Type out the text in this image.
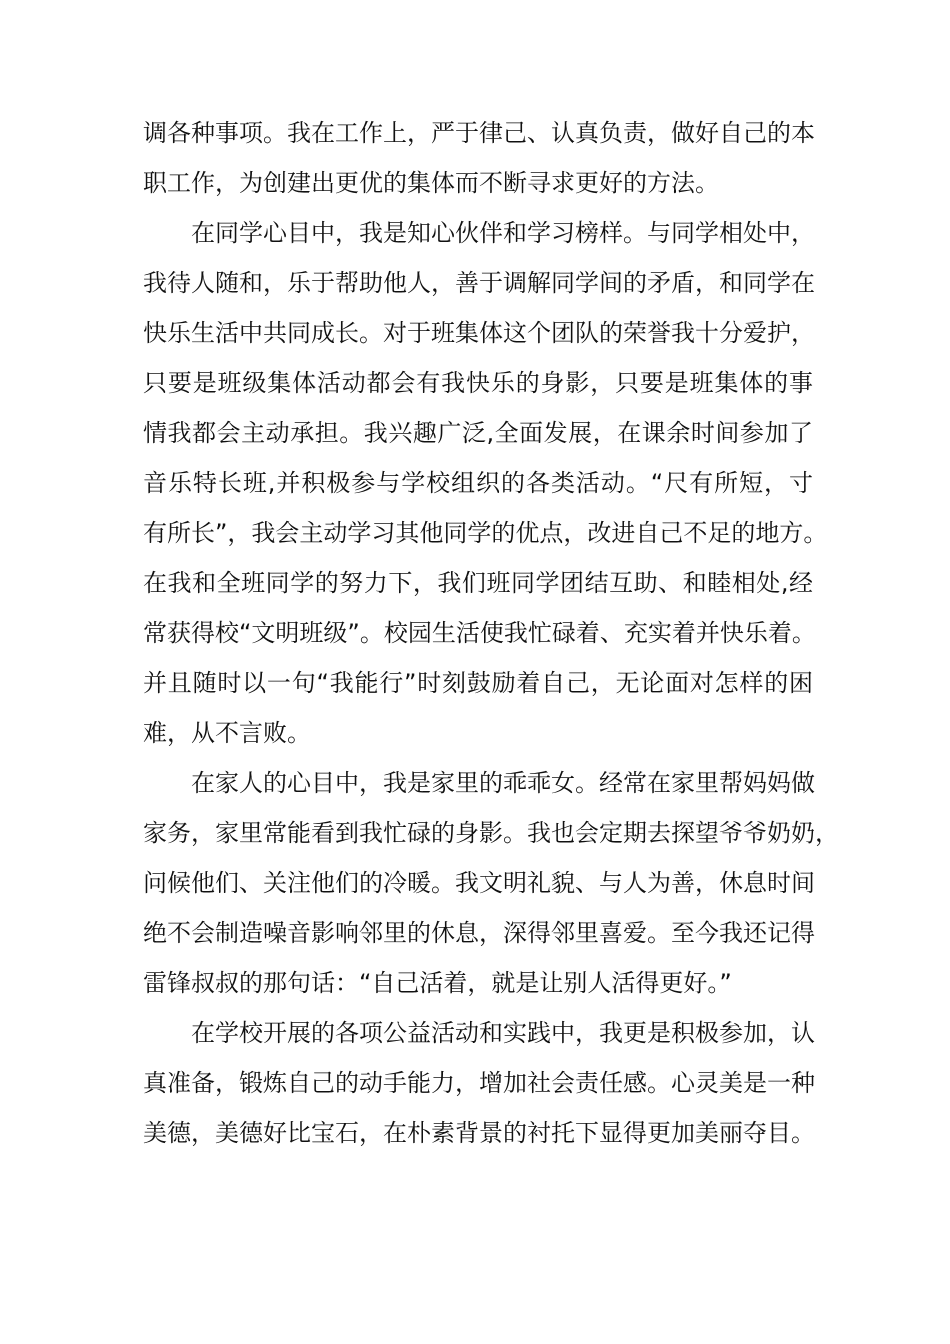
调各种事项。我在工作上，严于律己、认真负责，做好自己的本
职工作，为创建出更优的集体而不断寻求更好的方法。
在同学心目中，我是知心伙伴和学习榜样。与同学相处中，
我待人随和，乐于帮助他人，善于调解同学间的矛盾，和同学在
快乐生活中共同成长。对于班集体这个团队的荣誉我十分爱护，
只要是班级集体活动都会有我快乐的身影，只要是班集体的事
情我都会主动承担。我兴趣广泛,全面发展，在课余时间参加了
音乐特长班,并积极参与学校组织的各类活动。“尺有所短，寸
有所长”，我会主动学习其他同学的优点，改进自己不足的地方。
在我和全班同学的努力下，我们班同学团结互助、和睦相处,经
常获得校“文明班级”。校园生活使我忙碌着、充实着并快乐着。
并且随时以一句“我能行”时刻鼓励着自己，无论面对怎样的困
难，从不言败。
在家人的心目中，我是家里的乖乖女。经常在家里帮妈妈做
家务，家里常能看到我忙碌的身影。我也会定期去探望爷爷奶奶，
问候他们、关注他们的冷暖。我文明礼貌、与人为善，休息时间
绝不会制造噪音影响邻里的休息，深得邻里喜爱。至今我还记得
雷锋叔叔的那句话：“自己活着，就是让别人活得更好。”
在学校开展的各项公益活动和实践中，我更是积极参加，认
真准备，锻炼自己的动手能力，增加社会责任感。心灵美是一种
美德，美德好比宝石，在朴素背景的衬托下显得更加美丽夺目。
